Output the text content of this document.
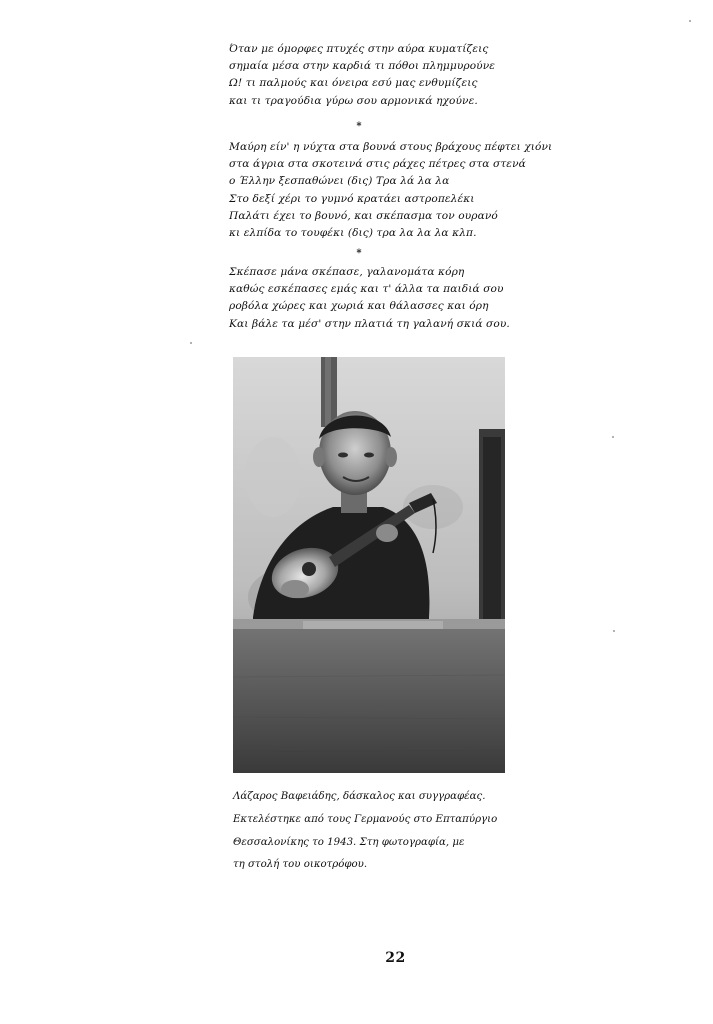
Όταν με όμορφες πτυχές στην αύρα κυματίζεις
σημαία μέσα στην καρδιά τι πόθοι πλημμυρούνε
Ω! τι παλμούς και όνειρα εσύ μας ενθυμίζεις
και τι τραγούδια γύρω σου αρμονικά ηχούνε.
*
Μαύρη είν' η νύχτα στα βουνά στους βράχους πέφτει χιόνι
στα άγρια στα σκοτεινά στις ράχες πέτρες στα στενά
ο Έλλην ξεσπαθώνει (δις) Τρα λά λα λα
Στο δεξί χέρι το γυμνό κρατάει αστροπελέκι
Παλάτι έχει το βουνό, και σκέπασμα τον ουρανό
κι ελπίδα το τουφέκι (δις) τρα λα λα λα κλπ.
*
Σκέπασε μάνα σκέπασε, γαλανομάτα κόρη
καθώς εσκέπασες εμάς και τ' άλλα τα παιδιά σου
ροβόλα χώρες και χωριά και θάλασσες και όρη
Και βάλε τα μέσ' στην πλατιά τη γαλανή σκιά σου.
Λάζαρος Βαφειάδης, δάσκαλος και συγγραφέας.
Εκτελέστηκε από τους Γερμανούς στο Επταπύργιο
Θεσσαλονίκης το 1943. Στη φωτογραφία, με
τη στολή του οικοτρόφου.
22
